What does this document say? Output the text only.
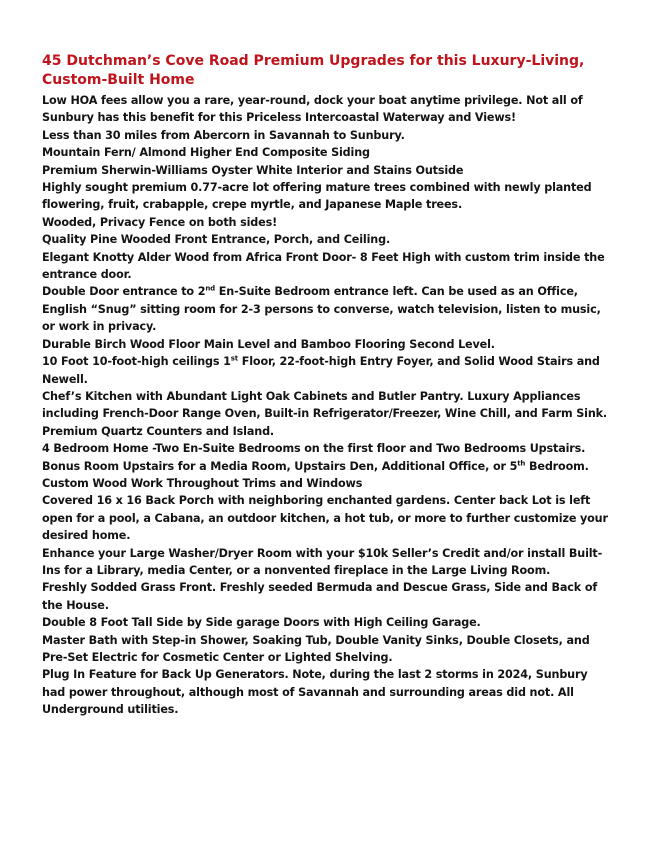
45 Dutchman’s Cove Road Premium Upgrades for this Luxury-Living, Custom-Built Home

Low HOA fees allow you a rare, year-round, dock your boat anytime privilege. Not all of Sunbury has this benefit for this Priceless Intercoastal Waterway and Views!

Less than 30 miles from Abercorn in Savannah to Sunbury.

Mountain Fern/ Almond Higher End Composite Siding

Premium Sherwin-Williams Oyster White Interior and Stains Outside

Highly sought premium 0.77-acre lot offering mature trees combined with newly planted flowering, fruit, crabapple, crepe myrtle, and Japanese Maple trees.

Wooded, Privacy Fence on both sides!

Quality Pine Wooded Front Entrance, Porch, and Ceiling.

Elegant Knotty Alder Wood from Africa Front Door- 8 Feet High with custom trim inside the entrance door.

Double Door entrance to 2nd En-Suite Bedroom entrance left. Can be used as an Office, English “Snug” sitting room for 2-3 persons to converse, watch television, listen to music, or work in privacy.

Durable Birch Wood Floor Main Level and Bamboo Flooring Second Level.

10 Foot 10-foot-high ceilings 1st Floor, 22-foot-high Entry Foyer, and Solid Wood Stairs and Newell.

Chef’s Kitchen with Abundant Light Oak Cabinets and Butler Pantry. Luxury Appliances including French-Door Range Oven, Built-in Refrigerator/Freezer, Wine Chill, and Farm Sink.

Premium Quartz Counters and Island.

4 Bedroom Home -Two En-Suite Bedrooms on the first floor and Two Bedrooms Upstairs.

Bonus Room Upstairs for a Media Room, Upstairs Den, Additional Office, or 5th Bedroom.

Custom Wood Work Throughout Trims and Windows

Covered 16 x 16 Back Porch with neighboring enchanted gardens. Center back Lot is left open for a pool, a Cabana, an outdoor kitchen, a hot tub, or more to further customize your desired home.

Enhance your Large Washer/Dryer Room with your $10k Seller’s Credit and/or install Built-Ins for a Library, media Center, or a nonvented fireplace in the Large Living Room.

Freshly Sodded Grass Front. Freshly seeded Bermuda and Descue Grass, Side and Back of the House.

Double 8 Foot Tall Side by Side garage Doors with High Ceiling Garage.

Master Bath with Step-in Shower, Soaking Tub, Double Vanity Sinks, Double Closets, and Pre-Set Electric for Cosmetic Center or Lighted Shelving.

Plug In Feature for Back Up Generators. Note, during the last 2 storms in 2024, Sunbury had power throughout, although most of Savannah and surrounding areas did not. All Underground utilities.
